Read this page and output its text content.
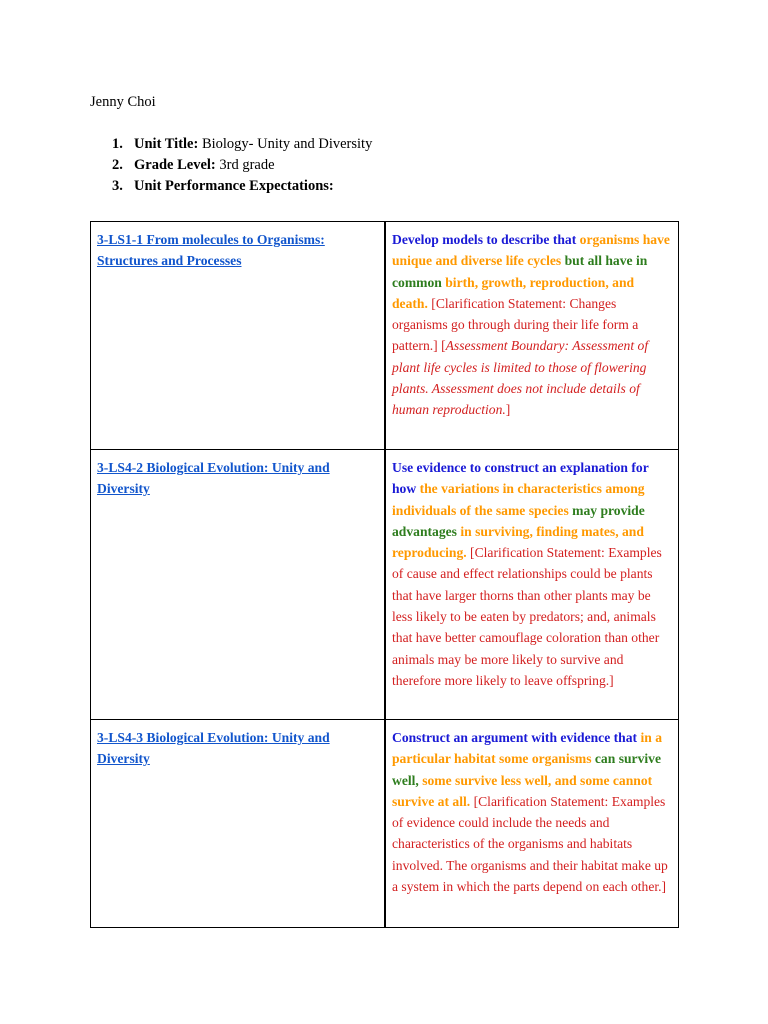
Jenny Choi
1. Unit Title: Biology- Unity and Diversity
2. Grade Level: 3rd grade
3. Unit Performance Expectations:
3-LS1-1 From molecules to Organisms: Structures and Processes	Develop models to describe that organisms have unique and diverse life cycles but all have in common birth, growth, reproduction, and death. [Clarification Statement: Changes organisms go through during their life form a pattern.] [Assessment Boundary: Assessment of plant life cycles is limited to those of flowering plants. Assessment does not include details of human reproduction.]
3-LS4-2 Biological Evolution: Unity and Diversity	Use evidence to construct an explanation for how the variations in characteristics among individuals of the same species may provide advantages in surviving, finding mates, and reproducing. [Clarification Statement: Examples of cause and effect relationships could be plants that have larger thorns than other plants may be less likely to be eaten by predators; and, animals that have better camouflage coloration than other animals may be more likely to survive and therefore more likely to leave offspring.]
3-LS4-3 Biological Evolution: Unity and Diversity	Construct an argument with evidence that in a particular habitat some organisms can survive well, some survive less well, and some cannot survive at all. [Clarification Statement: Examples of evidence could include the needs and characteristics of the organisms and habitats involved. The organisms and their habitat make up a system in which the parts depend on each other.]
